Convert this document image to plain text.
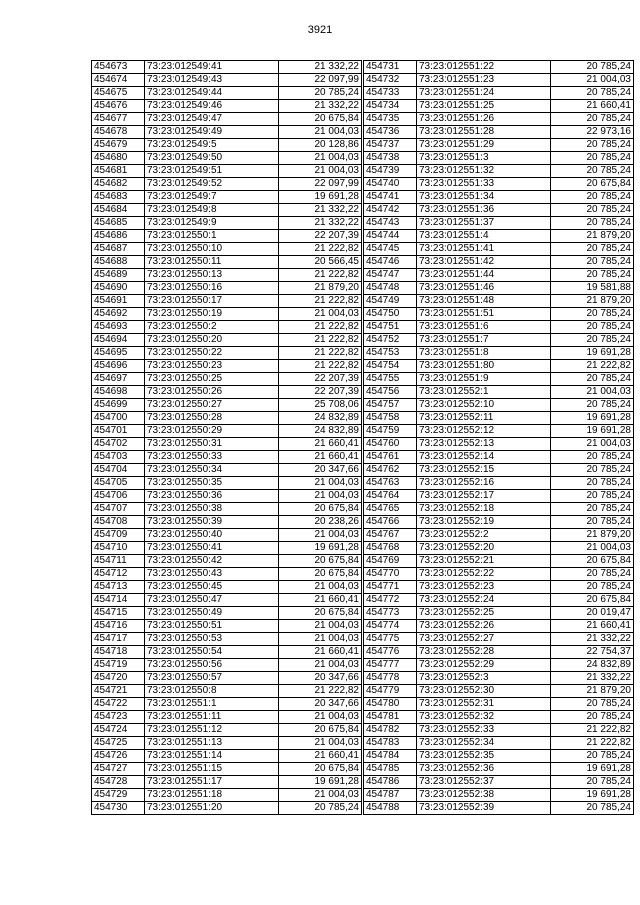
3921
454673	73:23:012549:41	21 332,22
454674	73:23:012549:43	22 097,99
454675	73:23:012549:44	20 785,24
454676	73:23:012549:46	21 332,22
454677	73:23:012549:47	20 675,84
454678	73:23:012549:49	21 004,03
454679	73:23:012549:5	20 128,86
454680	73:23:012549:50	21 004,03
454681	73:23:012549:51	21 004,03
454682	73:23:012549:52	22 097,99
454683	73:23:012549:7	19 691,28
454684	73:23:012549:8	21 332,22
454685	73:23:012549:9	21 332,22
454686	73:23:012550:1	22 207,39
454687	73:23:012550:10	21 222,82
454688	73:23:012550:11	20 566,45
454689	73:23:012550:13	21 222,82
454690	73:23:012550:16	21 879,20
454691	73:23:012550:17	21 222,82
454692	73:23:012550:19	21 004,03
454693	73:23:012550:2	21 222,82
454694	73:23:012550:20	21 222,82
454695	73:23:012550:22	21 222,82
454696	73:23:012550:23	21 222,82
454697	73:23:012550:25	22 207,39
454698	73:23:012550:26	22 207,39
454699	73:23:012550:27	25 708,06
454700	73:23:012550:28	24 832,89
454701	73:23:012550:29	24 832,89
454702	73:23:012550:31	21 660,41
454703	73:23:012550:33	21 660,41
454704	73:23:012550:34	20 347,66
454705	73:23:012550:35	21 004,03
454706	73:23:012550:36	21 004,03
454707	73:23:012550:38	20 675,84
454708	73:23:012550:39	20 238,26
454709	73:23:012550:40	21 004,03
454710	73:23:012550:41	19 691,28
454711	73:23:012550:42	20 675,84
454712	73:23:012550:43	20 675,84
454713	73:23:012550:45	21 004,03
454714	73:23:012550:47	21 660,41
454715	73:23:012550:49	20 675,84
454716	73:23:012550:51	21 004,03
454717	73:23:012550:53	21 004,03
454718	73:23:012550:54	21 660,41
454719	73:23:012550:56	21 004,03
454720	73:23:012550:57	20 347,66
454721	73:23:012550:8	21 222,82
454722	73:23:012551:1	20 347,66
454723	73:23:012551:11	21 004,03
454724	73:23:012551:12	20 675,84
454725	73:23:012551:13	21 004,03
454726	73:23:012551:14	21 660,41
454727	73:23:012551:15	20 675,84
454728	73:23:012551:17	19 691,28
454729	73:23:012551:18	21 004,03
454730	73:23:012551:20	20 785,24
454731	73:23:012551:22	20 785,24
454732	73:23:012551:23	21 004,03
454733	73:23:012551:24	20 785,24
454734	73:23:012551:25	21 660,41
454735	73:23:012551:26	20 785,24
454736	73:23:012551:28	22 973,16
454737	73:23:012551:29	20 785,24
454738	73:23:012551:3	20 785,24
454739	73:23:012551:32	20 785,24
454740	73:23:012551:33	20 675,84
454741	73:23:012551:34	20 785,24
454742	73:23:012551:36	20 785,24
454743	73:23:012551:37	20 785,24
454744	73:23:012551:4	21 879,20
454745	73:23:012551:41	20 785,24
454746	73:23:012551:42	20 785,24
454747	73:23:012551:44	20 785,24
454748	73:23:012551:46	19 581,88
454749	73:23:012551:48	21 879,20
454750	73:23:012551:51	20 785,24
454751	73:23:012551:6	20 785,24
454752	73:23:012551:7	20 785,24
454753	73:23:012551:8	19 691,28
454754	73:23:012551:80	21 222,82
454755	73:23:012551:9	20 785,24
454756	73:23:012552:1	21 004,03
454757	73:23:012552:10	20 785,24
454758	73:23:012552:11	19 691,28
454759	73:23:012552:12	19 691,28
454760	73:23:012552:13	21 004,03
454761	73:23:012552:14	20 785,24
454762	73:23:012552:15	20 785,24
454763	73:23:012552:16	20 785,24
454764	73:23:012552:17	20 785,24
454765	73:23:012552:18	20 785,24
454766	73:23:012552:19	20 785,24
454767	73:23:012552:2	21 879,20
454768	73:23:012552:20	21 004,03
454769	73:23:012552:21	20 675,84
454770	73:23:012552:22	20 785,24
454771	73:23:012552:23	20 785,24
454772	73:23:012552:24	20 675,84
454773	73:23:012552:25	20 019,47
454774	73:23:012552:26	21 660,41
454775	73:23:012552:27	21 332,22
454776	73:23:012552:28	22 754,37
454777	73:23:012552:29	24 832,89
454778	73:23:012552:3	21 332,22
454779	73:23:012552:30	21 879,20
454780	73:23:012552:31	20 785,24
454781	73:23:012552:32	20 785,24
454782	73:23:012552:33	21 222,82
454783	73:23:012552:34	21 222,82
454784	73:23:012552:35	20 785,24
454785	73:23:012552:36	19 691,28
454786	73:23:012552:37	20 785,24
454787	73:23:012552:38	19 691,28
454788	73:23:012552:39	20 785,24
